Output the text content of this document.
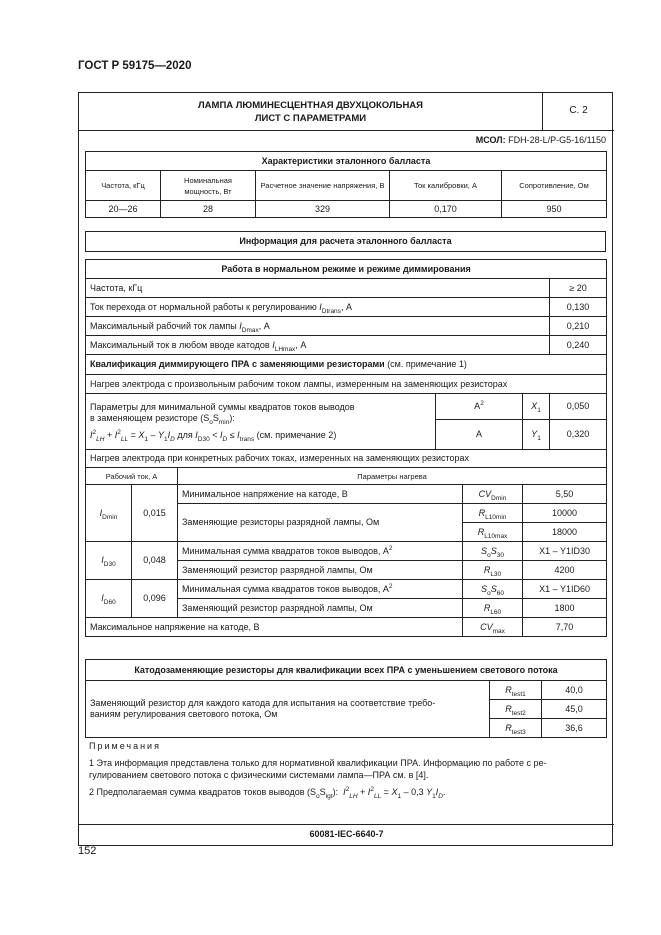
ГОСТ Р 59175—2020
ЛАМПА ЛЮМИНЕСЦЕНТНАЯ ДВУХЦОКОЛЬНАЯ
ЛИСТ С ПАРАМЕТРАМИ
С. 2
МСОЛ: FDH-28-L/P-G5-16/1150
Характеристики эталонного балласта				
Частота, кГц	Номинальная мощность, Вт	Расчетное значение напряжения, В	Ток калибровки, А	Сопротивление, Ом
20—26	28	329	0,170	950
Информация для расчета эталонного балласта
Работа в нормальном режиме и режиме диммирования						
Частота, кГц						≥ 20
Ток перехода от нормальной работы к регулированию $I_{Dtrans}$, А						0,130
Максимальный рабочий ток лампы $I_{Dmax}$, А						0,210
Максимальный ток в любом вводе катодов $I_{LHmax}$, А						0,240
Квалификация диммирующего ПРА с заменяющими резисторами (см. примечание 1)						
Нагрев электрода с произвольным рабочим током лампы, измеренным на заменяющих резисторах						

Параметры для минимальной суммы квадратов токов выводов
в заменяющем резисторе $(S_oS_{min})$:
$I^2_{LH} + I^2_{LL} = X_1 - Y_1I_D$ для $I_{D30} < I_D \le I_{trans}$ (см. примечание 2)			$A^2$		$X_1$	0,050
			A		$Y_1$	0,320
Нагрев электрода при конкретных рабочих токах, измеренных на заменяющих резисторах						
Рабочий ток, А		Параметры нагрева				
$I_{Dmin}$	0,015	Минимальное напряжение на катоде, В		$CV_{Dmin}$	5,50	
		Заменяющие резисторы разрядной лампы, Ом		$R_{L10min}$	10000	
				$R_{L10max}$	18000	
$I_{D30}$	0,048	Минимальная сумма квадратов токов выводов, $А^2$		$S_oS_{30}$	X1 – Y1ID30	
		Заменяющий резистор разрядной лампы, Ом		$R_{L30}$	4200	
$I_{D60}$	0,096	Минимальная сумма квадратов токов выводов, $А^2$		$S_oS_{60}$	X1 – Y1ID60	
		Заменяющий резистор разрядной лампы, Ом		$R_{L60}$	1800	
Максимальное напряжение на катоде, В				$CV_{max}$	7,70	
Катодозаменяющие резисторы для квалификации всех ПРА с уменьшением светового потока		

Заменяющий резистор для каждого катода для испытания на соответствие требо-
ваниям регулирования светового потока, Ом	$R_{test1}$	40,0
	$R_{test2}$	45,0
	$R_{test3}$	36,6

Примечания

1 Эта информация представлена только для нормативной квалификации ПРА. Информацию по работе с ре-гулированием светового потока с физическими системами лампа—ПРА см. в [4].

2 Предполагаемая сумма квадратов токов выводов $(S_oS_{lgt})$: $I^2_{LH} + I^2_{LL} = X_1 - 0,3$ $Y_1I_D$.

60081-IEC-6640-7
152
